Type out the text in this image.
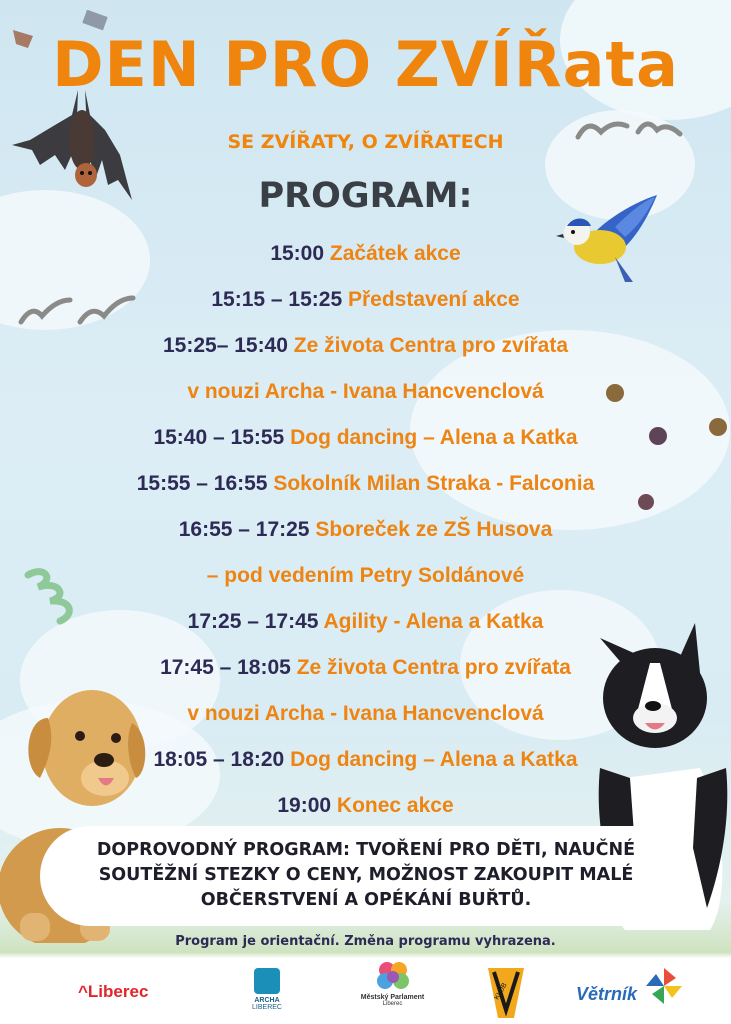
DEN PRO ZVÍŘata
SE ZVÍŘATY, O ZVÍŘATECH
PROGRAM:
15:00 Začátek akce
15:15 – 15:25 Představení akce
15:25– 15:40 Ze života Centra pro zvířata
v nouzi Archa - Ivana Hancvenclová
15:40 – 15:55 Dog dancing – Alena a Katka
15:55 – 16:55 Sokolník Milan Straka - Falconia
16:55 – 17:25 Sboreček ze ZŠ Husova
– pod vedením Petry Soldánové
17:25 – 17:45 Agility - Alena a Katka
17:45 – 18:05 Ze života Centra pro zvířata
v nouzi Archa - Ivana Hancvenclová
18:05 – 18:20 Dog dancing – Alena a Katka
19:00 Konec akce
DOPROVODNÝ PROGRAM: TVOŘENÍ PRO DĚTI, NAUČNÉ
SOUTĚŽNÍ STEZKY O CENY, MOŽNOST ZAKOUPIT MALÉ
OBČERSTVENÍ A OPÉKÁNÍ BUŘTŮ.
Program je orientační. Změna programu vyhrazena.
^Liberec	ARCHA
LIBEREC
Městský Parlament
Liberec
KLUB	Větrník
